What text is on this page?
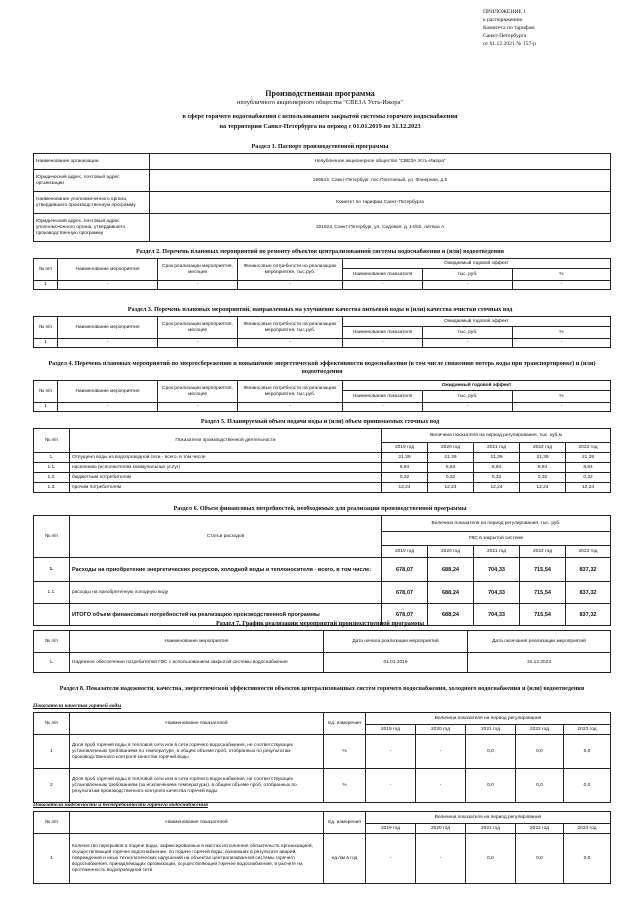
ПРИЛОЖЕНИЕ 1
к распоряжению
Комитета по тарифам
Санкт-Петербурга
от 01.12.2021 № 157-р
Производственная программа
непубличного акционерного общества "СВЕЗА Усть-Ижора"
в сфере горячего водоснабжения с использованием закрытой системы горячего водоснабжения
на территории Санкт-Петербурга на период с 01.01.2019 по 31.12.2023
Раздел 1. Паспорт производственной программы
Наименование организации	Непубличное акционерное общество "СВЕЗА Усть-Ижора"
Юридический адрес, почтовый адрес организации	196643, Санкт-Петербург, пос.Понтонный, ул. Фанерная, д.5
Наименование уполномоченного органа, утвердившего производственную программу	Комитет по тарифам Санкт-Петербурга
Юридический адрес, почтовый адрес уполномоченного органа, утвердившего производственную программу	191023, Санкт-Петербург, ул. Садовая, д. 14/52, литера А
Раздел 2. Перечень плановых мероприятий по ремонту объектов централизованной системы водоснабжения и (или) водоотведения
№ п/п	Наименование мероприятия	Срок реализации мероприятия, месяцев	Финансовые потребности на реализацию мероприятия, тыс.руб.	Ожидаемый годовой эффект		
				Наименование показателя	тыс. руб.	%
1	-	-	-	-	-	-
Раздел 3. Перечень плановых мероприятий, направленных на улучшение качества питьевой воды и (или) качества очистки сточных вод
№ п/п	Наименование мероприятия	Срок реализации мероприятия, месяцев	Финансовые потребности на реализацию мероприятия, тыс.руб.	Ожидаемый годовой эффект		
				Наименование показателя	тыс. руб.	%
1	-	-	-	-	-	-
Раздел 4. Перечень плановых мероприятий по энергосбережению и повышению энергетической эффективности водоснабжения (в том числе снижению потерь воды при транспортировке) и (или) водоотведения
№ п/п	Наименование мероприятия	Срок реализации мероприятия, месяцев	Финансовые потребности на реализацию мероприятия, тыс.руб.	Ожидаемый годовой эффект		
				Наименование показателя	тыс. руб.	%
1	-	-	-	-	-	-
Раздел 5. Планируемый объем подачи воды и (или) объем принимаемых сточных вод
№ п/п	Показатели производственной деятельности	Величина показателя на период регулирования, тыс. куб.м				
		2019 год	2020 год	2021 год	2022 год	2023 год
1.	Отпущено воды из водопроводной сети - всего, в том числе	21,39	21,39	21,39	21,39	21,39
1.1.	населению (исполнителям коммунальных услуг)	8,84	8,84	8,84	8,84	8,84
1.2.	бюджетным потребителям	0,32	0,32	0,32	0,32	0,32
1.3.	прочим потребителям	12,24	12,24	12,24	12,24	12,24
Раздел 6. Объем финансовых потребностей, необходимых для реализации производственной программы
№ п/п	Статьи расходов	Величина показателя на период регулирования, тыс. руб.				
		ГВС в закрытой системе				
		2019 год	2020 год	2021 год	2022 год	2023 год
1.	Расходы на приобретение энергетических ресурсов, холодной воды и теплоносителя - всего, в том числе:	678,07	688,24	704,33	715,54	837,32
1.1.	расходы на приобретенную холодную воду	678,07	688,24	704,33	715,54	837,32
	ИТОГО объем финансовых потребностей на реализацию производственной программы	678,07	688,24	704,33	715,54	837,32
Раздел 7. График реализации мероприятий производственной программы
№ п/п	Наименование мероприятия	Дата начала реализации мероприятий	Дата окончания реализации мероприятий
1.	Надежное обеспечение потребителей ГВС с использованием закрытой системы водоснабжения	01.01.2019	31.12.2023
Раздел 8. Показатели надежности, качества, энергетической эффективности объектов централизованных систем горячего водоснабжения, холодного водоснабжения и (или) водоотведения
Показатели качества горячей воды
№ п/п	Наименование показателей	Ед. измерения	Величина показателя на период регулирования				
			2019 год	2020 год	2021 год	2022 год	2023 год
1	Доля проб горячей воды в тепловой сети или в сети горячего водоснабжения, не соответствующих установленным требованиям по температуре, в общем объеме проб, отобранных по результатам производственного контроля качества горячей воды	%	-	-	0,0	0,0	0,0
2	Доля проб горячей воды в тепловой сети или в сети горячего водоснабжения, не соответствующих установленным требованиям (за исключением температуры), в общем объеме проб, отобранных по результатам производственного контроля качества горячей воды	%	-	-	0,0	0,0	0,0
Показатели надежности и бесперебойности горячего водоснабжения
№ п/п	Наименование показателей	Ед. измерения	Величина показателя на период регулирования				
			2019 год	2020 год	2021 год	2022 год	2023 год
1	Количество перерывов в подаче воды, зафиксированных в местах исполнения обязательств организацией, осуществляющей горячее водоснабжение, по подаче горячей воды, возникших в результате аварий, повреждений и иных технологических нарушений на объектах централизованной системы горячего водоснабжения, принадлежащих организации, осуществляющей горячее водоснабжение, в расчете на протяженность водопроводной сети	ед./км в год	-	-	0,0	0,0	0,0
